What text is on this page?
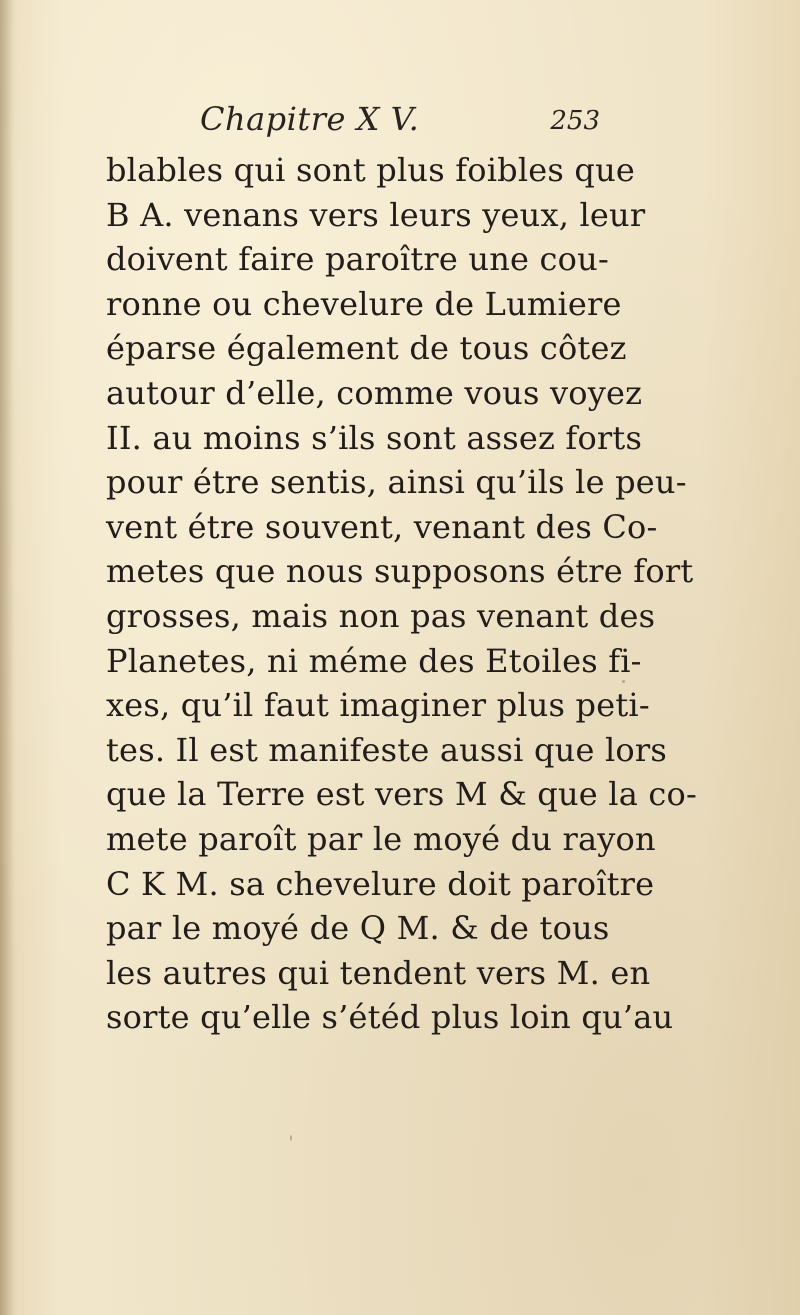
Chapitre X V.	253
blables qui sont plus foibles que
B A. venans vers leurs yeux, leur
doivent faire paroître une cou-
ronne ou chevelure de Lumiere
éparse également de tous côtez
autour d’elle, comme vous voyez
II. au moins s’ils sont assez forts
pour étre sentis, ainsi qu’ils le peu-
vent étre souvent, venant des Co-
metes que nous supposons étre fort
grosses, mais non pas venant des
Planetes, ni méme des Etoiles fi-
xes, qu’il faut imaginer plus peti-
tes. Il est manifeste aussi que lors
que la Terre est vers M & que la co-
mete paroît par le moyé du rayon
C K M. sa chevelure doit paroître
par le moyé de Q M. & de tous
les autres qui tendent vers M. en
sorte qu’elle s’étéd plus loin qu’au
